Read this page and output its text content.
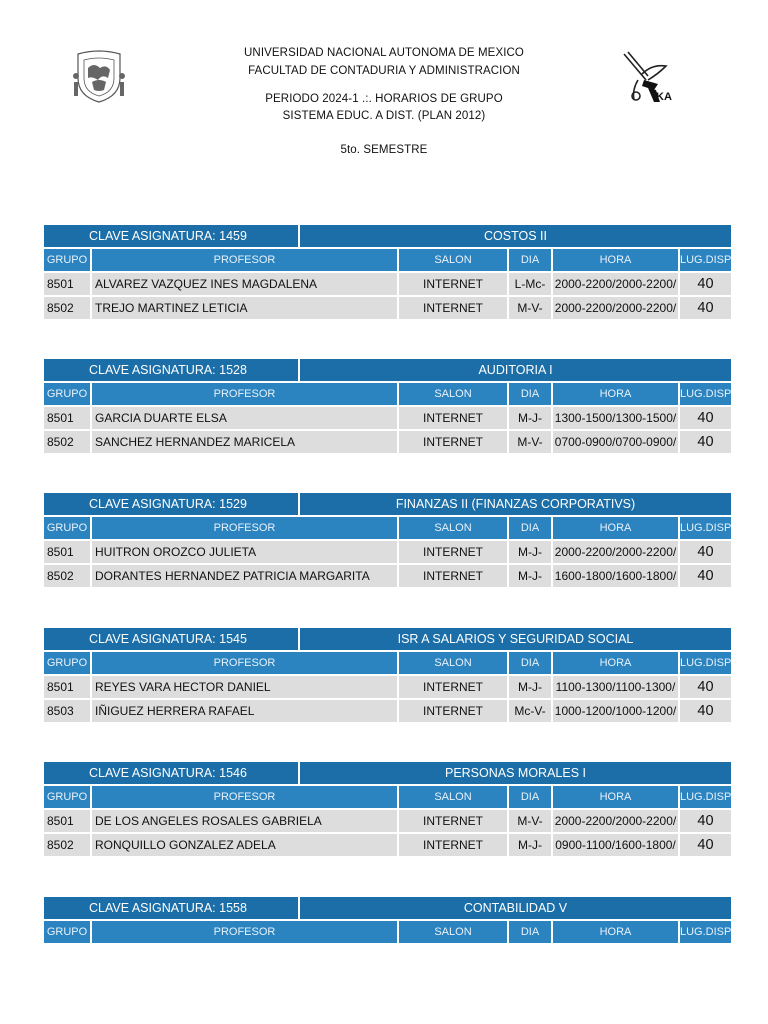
KA
UNIVERSIDAD NACIONAL AUTONOMA DE MEXICO
FACULTAD DE CONTADURIA Y ADMINISTRACION
PERIODO 2024-1 .:. HORARIOS DE GRUPO
SISTEMA EDUC. A DIST. (PLAN 2012)
5to. SEMESTRE
CLAVE ASIGNATURA: 1459	COSTOS II
GRUPO	PROFESOR	SALON	DIA	HORA	LUG.DISP
8501	ALVAREZ VAZQUEZ INES MAGDALENA	INTERNET	L-Mc- 2000-2200/2000-2200/	40
8502	TREJO MARTINEZ LETICIA	INTERNET	M-V-	2000-2200/2000-2200/	40
CLAVE ASIGNATURA: 1528	AUDITORIA I
GRUPO	PROFESOR	SALON	DIA	HORA	LUG.DISP
8501	GARCIA DUARTE ELSA	INTERNET	M-J-	1300-1500/1300-1500/	40
8502	SANCHEZ HERNANDEZ MARICELA	INTERNET	M-V-	0700-0900/0700-0900/	40
CLAVE ASIGNATURA: 1529	FINANZAS II (FINANZAS CORPORATIVS)
GRUPO	PROFESOR	SALON	DIA	HORA	LUG.DISP
8501	HUITRON OROZCO JULIETA	INTERNET	M-J-	2000-2200/2000-2200/	40
8502	DORANTES HERNANDEZ PATRICIA MARGARITA	INTERNET	M-J-	1600-1800/1600-1800/	40
CLAVE ASIGNATURA: 1545	ISR A SALARIOS Y SEGURIDAD SOCIAL
GRUPO	PROFESOR	SALON	DIA	HORA	LUG.DISP
8501	REYES VARA HECTOR DANIEL	INTERNET	M-J-	1100-1300/1100-1300/	40
8503	IÑIGUEZ HERRERA RAFAEL	INTERNET	Mc-V- 1000-1200/1000-1200/	40
CLAVE ASIGNATURA: 1546	PERSONAS MORALES I
GRUPO	PROFESOR	SALON	DIA	HORA	LUG.DISP
8501	DE LOS ANGELES ROSALES GABRIELA	INTERNET	M-V-	2000-2200/2000-2200/	40
8502	RONQUILLO GONZALEZ ADELA	INTERNET	M-J-	0900-1100/1600-1800/	40
CLAVE ASIGNATURA: 1558	CONTABILIDAD V
GRUPO	PROFESOR	SALON	DIA	HORA	LUG.DISP
